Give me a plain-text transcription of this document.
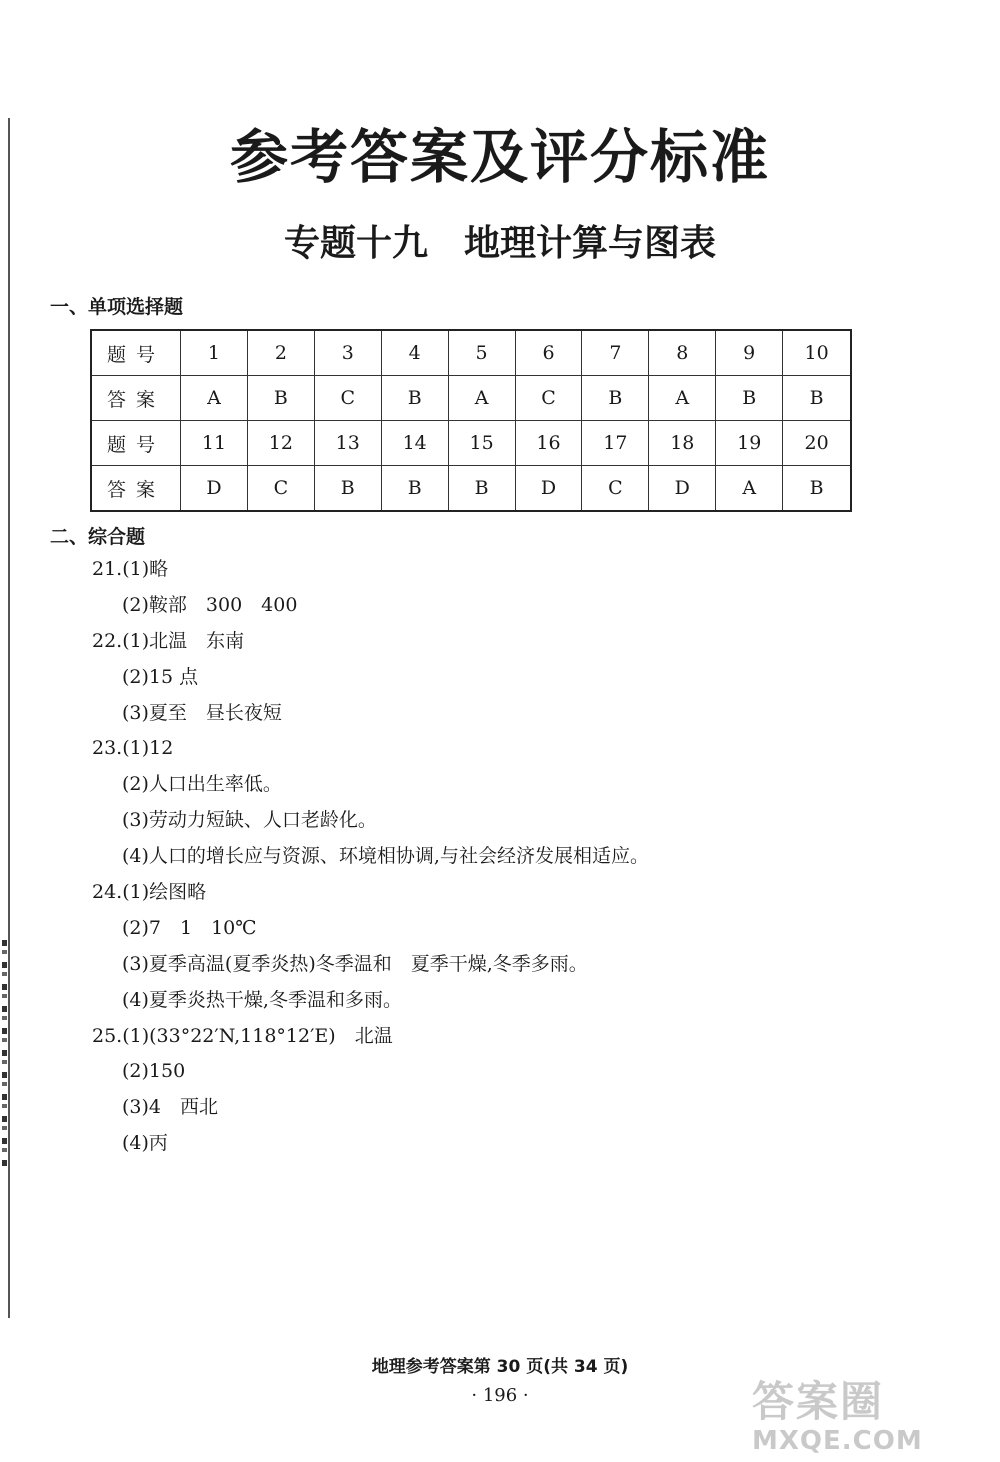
参考答案及评分标准
专题十九　地理计算与图表
一、单项选择题
题号	1	2	3	4	5	6	7	8	9	10
答案	A	B	C	B	A	C	B	A	B	B
题号	11	12	13	14	15	16	17	18	19	20
答案	D	C	B	B	B	D	C	D	A	B
二、综合题
21.(1)略
(2)鞍部　300　400
22.(1)北温　东南
(2)15 点
(3)夏至　昼长夜短
23.(1)12
(2)人口出生率低。
(3)劳动力短缺、人口老龄化。
(4)人口的增长应与资源、环境相协调,与社会经济发展相适应。
24.(1)绘图略
(2)7　1　10℃
(3)夏季高温(夏季炎热)冬季温和　夏季干燥,冬季多雨。
(4)夏季炎热干燥,冬季温和多雨。
25.(1)(33°22′N,118°12′E)　北温
(2)150
(3)4　西北
(4)丙
地理参考答案第 30 页(共 34 页)
· 196 ·	答案圈
MXQE.COM
